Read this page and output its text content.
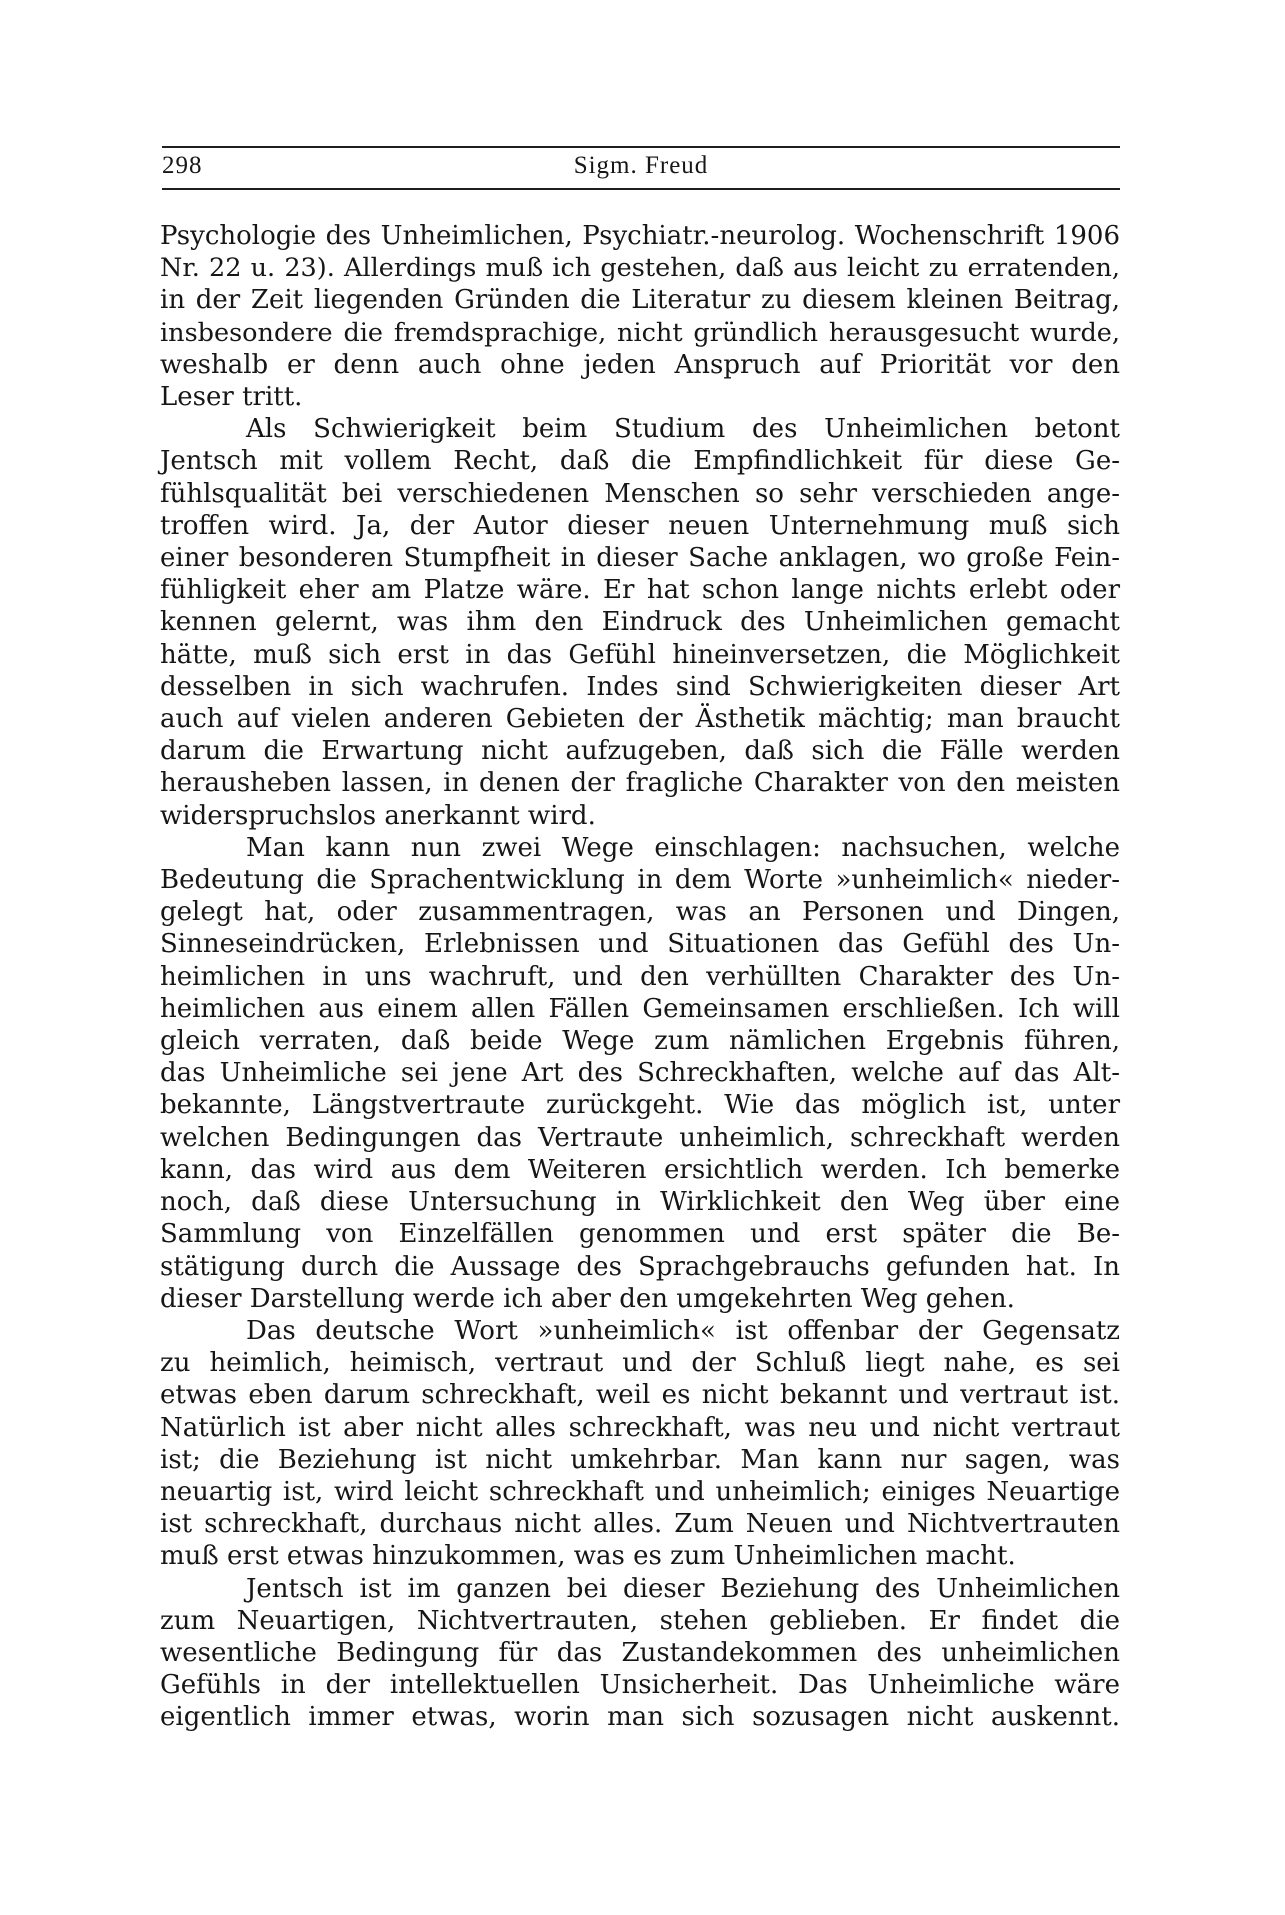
298	Sigm. Freud

Psychologie des Unheimlichen, Psychiatr.-neurolog. Wochenschrift 1906

Nr. 22 u. 23). Allerdings muß ich gestehen, daß aus leicht zu erratenden,

in der Zeit liegenden Gründen die Literatur zu diesem kleinen Beitrag,

insbesondere die fremdsprachige, nicht gründlich herausgesucht wurde,

weshalb er denn auch ohne jeden Anspruch auf Priorität vor den

Leser tritt.

Als Schwierigkeit beim Studium des Unheimlichen betont

Jentsch mit vollem Recht, daß die Empfindlichkeit für diese Ge-

fühlsqualität bei verschiedenen Menschen so sehr verschieden ange-

troffen wird. Ja, der Autor dieser neuen Unternehmung muß sich

einer besonderen Stumpfheit in dieser Sache anklagen, wo große Fein-

fühligkeit eher am Platze wäre. Er hat schon lange nichts erlebt oder

kennen gelernt, was ihm den Eindruck des Unheimlichen gemacht

hätte, muß sich erst in das Gefühl hineinversetzen, die Möglichkeit

desselben in sich wachrufen. Indes sind Schwierigkeiten dieser Art

auch auf vielen anderen Gebieten der Ästhetik mächtig; man braucht

darum die Erwartung nicht aufzugeben, daß sich die Fälle werden

herausheben lassen, in denen der fragliche Charakter von den meisten

widerspruchslos anerkannt wird.

Man kann nun zwei Wege einschlagen: nachsuchen, welche

Bedeutung die Sprachentwicklung in dem Worte »unheimlich« nieder-

gelegt hat, oder zusammentragen, was an Personen und Dingen,

Sinneseindrücken, Erlebnissen und Situationen das Gefühl des Un-

heimlichen in uns wachruft, und den verhüllten Charakter des Un-

heimlichen aus einem allen Fällen Gemeinsamen erschließen. Ich will

gleich verraten, daß beide Wege zum nämlichen Ergebnis führen,

das Unheimliche sei jene Art des Schreckhaften, welche auf das Alt-

bekannte, Längstvertraute zurückgeht. Wie das möglich ist, unter

welchen Bedingungen das Vertraute unheimlich, schreckhaft werden

kann, das wird aus dem Weiteren ersichtlich werden. Ich bemerke

noch, daß diese Untersuchung in Wirklichkeit den Weg über eine

Sammlung von Einzelfällen genommen und erst später die Be-

stätigung durch die Aussage des Sprachgebrauchs gefunden hat. In

dieser Darstellung werde ich aber den umgekehrten Weg gehen.

Das deutsche Wort »unheimlich« ist offenbar der Gegensatz

zu heimlich, heimisch, vertraut und der Schluß liegt nahe, es sei

etwas eben darum schreckhaft, weil es nicht bekannt und vertraut ist.

Natürlich ist aber nicht alles schreckhaft, was neu und nicht vertraut

ist; die Beziehung ist nicht umkehrbar. Man kann nur sagen, was

neuartig ist, wird leicht schreckhaft und unheimlich; einiges Neuartige

ist schreckhaft, durchaus nicht alles. Zum Neuen und Nichtvertrauten

muß erst etwas hinzukommen, was es zum Unheimlichen macht.

Jentsch ist im ganzen bei dieser Beziehung des Unheimlichen

zum Neuartigen, Nichtvertrauten, stehen geblieben. Er findet die

wesentliche Bedingung für das Zustandekommen des unheimlichen

Gefühls in der intellektuellen Unsicherheit. Das Unheimliche wäre

eigentlich immer etwas, worin man sich sozusagen nicht auskennt.
